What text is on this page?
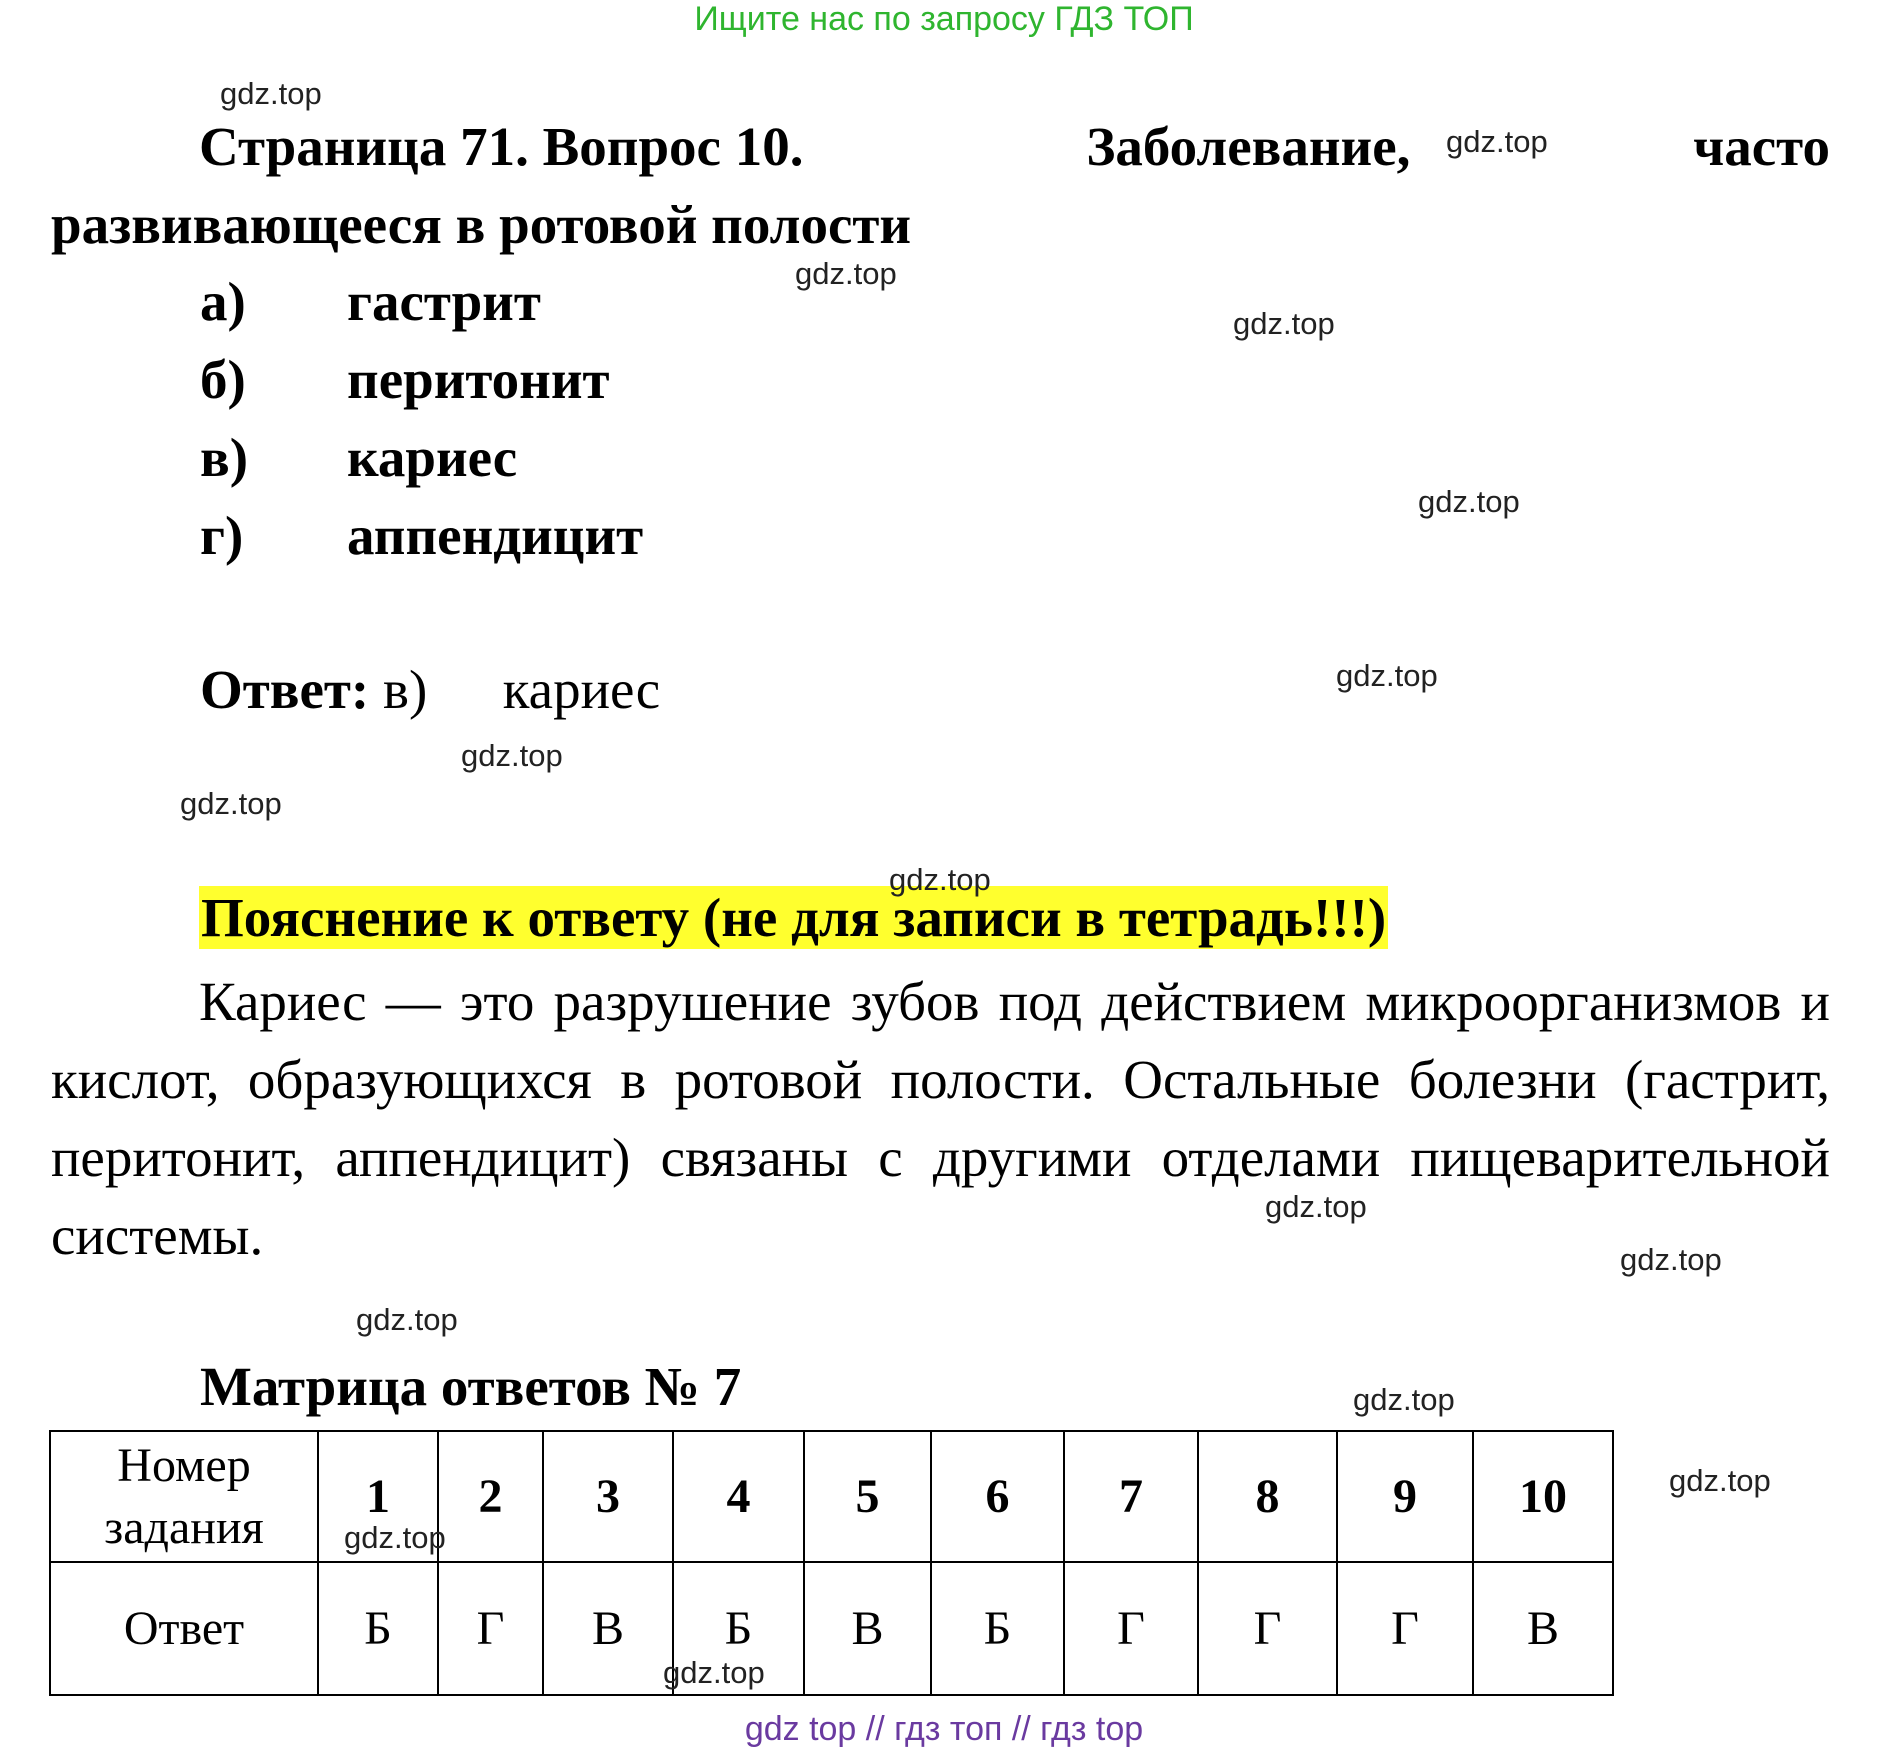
Ищите нас по запросу ГДЗ ТОП
Страница 71. Вопрос 10.	Заболевание,	часто
развивающееся в ротовой полости
а) гастрит
б) перитонит
в) кариес
г) аппендицит
Ответ: в) кариес
Пояснение к ответу (не для записи в тетрадь!!!)
Кариес — это разрушение зубов под действием микроорганизмов и кислот, образующихся в ротовой полости. Остальные болезни (гастрит, перитонит, аппендицит) связаны с другими отделами пищеварительной системы.
Матрица ответов № 7
Номер
задания	1	2	3	4	5	6	7	8	9	10
Ответ	Б	Г	В	Б	В	Б	Г	Г	Г	В
gdz.top
gdz.top
gdz.top
gdz.top
gdz.top
gdz.top
gdz.top
gdz.top
gdz.top
gdz.top
gdz.top
gdz.top
gdz.top
gdz.top
gdz.top
gdz.top
gdz top // гдз топ // гдз top
